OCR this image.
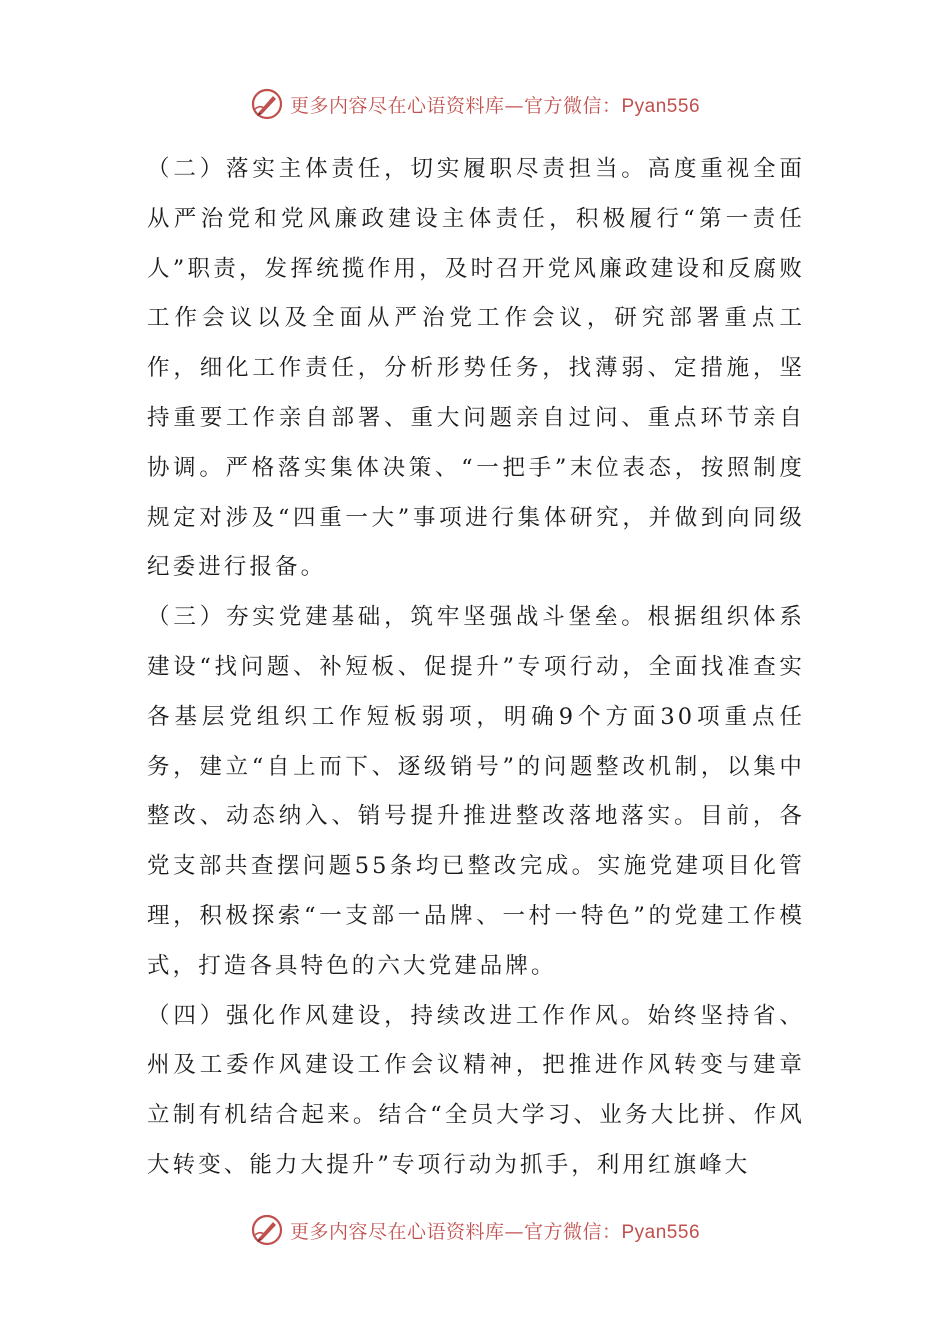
更多内容尽在心语资料库—官方微信：Pyan556

（二）落实主体责任，切实履职尽责担当。高度重视全面从严治党和党风廉政建设主体责任，积极履行“第一责任人”职责，发挥统揽作用，及时召开党风廉政建设和反腐败工作会议以及全面从严治党工作会议，研究部署重点工作，细化工作责任，分析形势任务，找薄弱、定措施，坚持重要工作亲自部署、重大问题亲自过问、重点环节亲自协调。严格落实集体决策、“一把手”末位表态，按照制度规定对涉及“四重一大”事项进行集体研究，并做到向同级纪委进行报备。

（三）夯实党建基础，筑牢坚强战斗堡垒。根据组织体系建设“找问题、补短板、促提升”专项行动，全面找准查实各基层党组织工作短板弱项，明确9个方面30项重点任务，建立“自上而下、逐级销号”的问题整改机制，以集中整改、动态纳入、销号提升推进整改落地落实。目前，各党支部共查摆问题55条均已整改完成。实施党建项目化管理，积极探索“一支部一品牌、一村一特色”的党建工作模式，打造各具特色的六大党建品牌。

（四）强化作风建设，持续改进工作作风。始终坚持省、州及工委作风建设工作会议精神，把推进作风转变与建章立制有机结合起来。结合“全员大学习、业务大比拼、作风大转变、能力大提升”专项行动为抓手，利用红旗峰大

更多内容尽在心语资料库—官方微信：Pyan556
